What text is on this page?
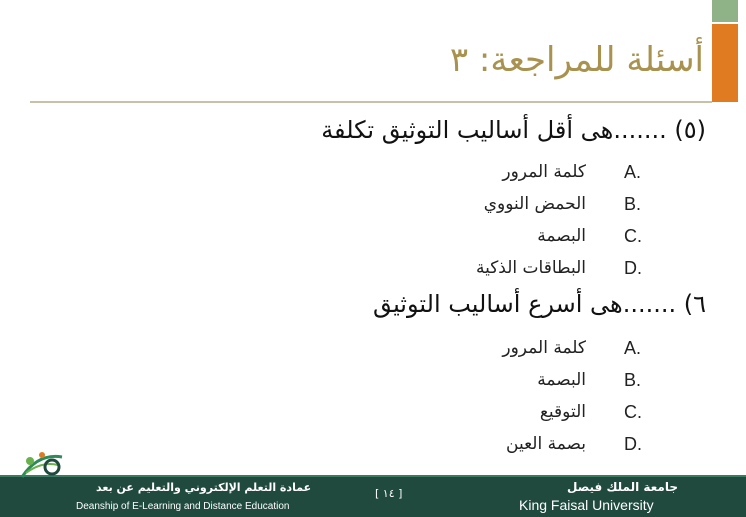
أسئلة للمراجعة: ٣
(٥) .......هى أقل أساليب التوثيق تكلفة
A.
كلمة المرور
B.
الحمض النووي
C.
البصمة
D.
البطاقات الذكية
٦) .......هى أسرع أساليب التوثيق
A.
كلمة المرور
B.
البصمة
C.
التوقيع
D.
بصمة العين
عمادة التعلم الإلكتروني والتعليم عن بعد
Deanship of E-Learning and Distance Education
[ ١٤ ]	جامعة الملك فيصل
King Faisal University
